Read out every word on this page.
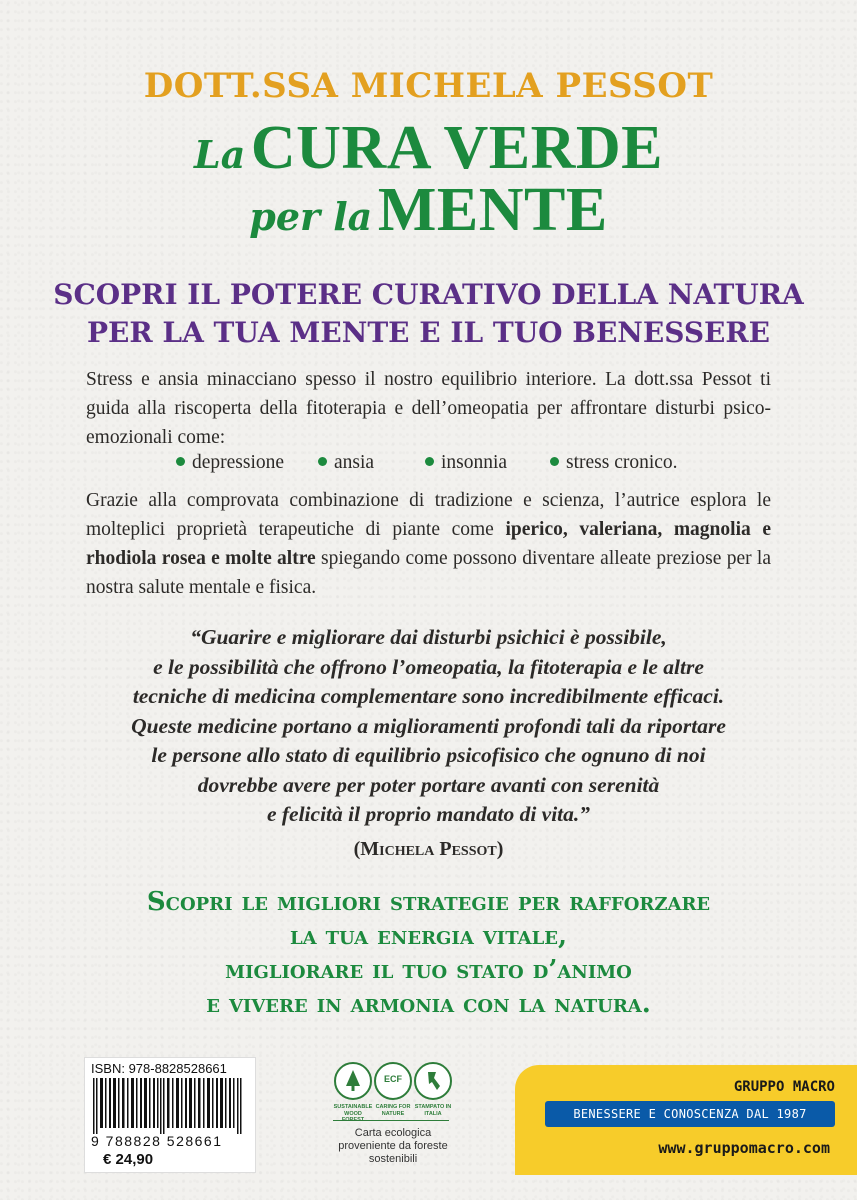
DOTT.SSA MICHELA PESSOT
La CURA VERDE
per la MENTE
SCOPRI IL POTERE CURATIVO DELLA NATURA
PER LA TUA MENTE E IL TUO BENESSERE
Stress e ansia minacciano spesso il nostro equilibrio interiore. La dott.ssa Pessot ti guida alla riscoperta della fitoterapia e dell’omeopatia per affrontare disturbi psico-emozionali come:
depressione	ansia	insonnia	stress cronico.
Grazie alla comprovata combinazione di tradizione e scienza, l’autrice esplora le molteplici proprietà terapeutiche di piante come iperico, valeriana, magnolia e rhodiola rosea e molte altre spiegando come possono diventare alleate preziose per la nostra salute mentale e fisica.
“Guarire e migliorare dai disturbi psichici è possibile,
e le possibilità che offrono l’omeopatia, la fitoterapia e le altre
tecniche di medicina complementare sono incredibilmente efficaci.
Queste medicine portano a miglioramenti profondi tali da riportare
le persone allo stato di equilibrio psicofisico che ognuno di noi
dovrebbe avere per poter portare avanti con serenità
e felicità il proprio mandato di vita.”
(Michela Pessot)
Scopri le migliori strategie per rafforzare
la tua energia vitale,
migliorare il tuo stato d’animo
e vivere in armonia con la natura.
ISBN: 978-8828528661
9 788828 528661
€ 24,90
SUSTAINABLE WOOD
ECF
CARING FOR NATURE
STAMPATO IN ITALIA
Carta ecologica proveniente da foreste sostenibili
GRUPPO MACRO
BENESSERE E CONOSCENZA DAL 1987
www.gruppomacro.com
